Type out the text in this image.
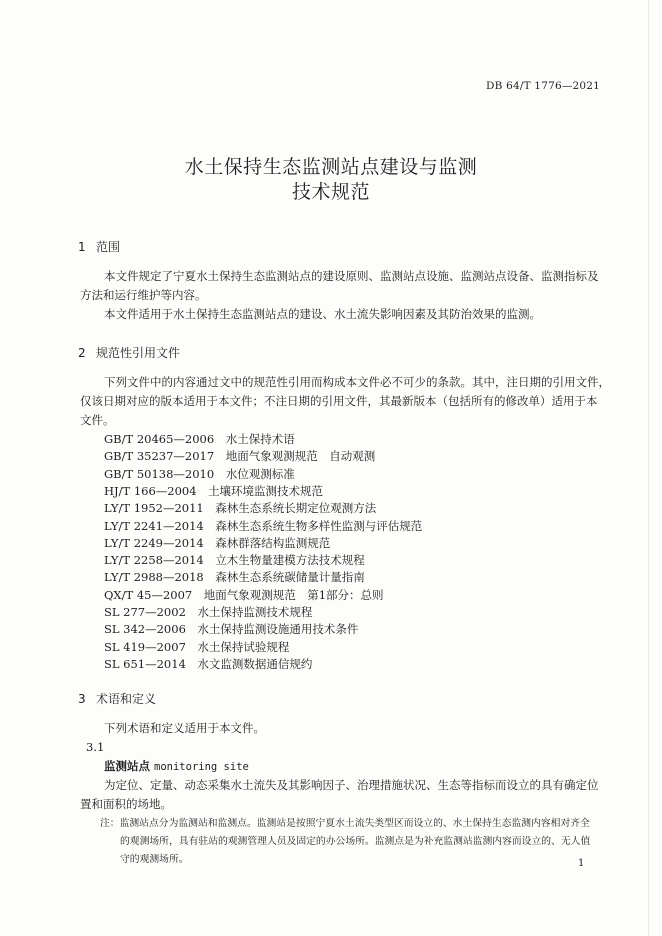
DB 64/T 1776—2021
水土保持生态监测站点建设与监测
技术规范
1 范围
本文件规定了宁夏水土保持生态监测站点的建设原则、监测站点设施、监测站点设备、监测指标及
方法和运行维护等内容。
本文件适用于水土保持生态监测站点的建设、水土流失影响因素及其防治效果的监测。
2 规范性引用文件
下列文件中的内容通过文中的规范性引用而构成本文件必不可少的条款。其中，注日期的引用文件，
仅该日期对应的版本适用于本文件；不注日期的引用文件，其最新版本（包括所有的修改单）适用于本
文件。
GB/T 20465—2006  水土保持术语
GB/T 35237—2017  地面气象观测规范　自动观测
GB/T 50138—2010  水位观测标准
HJ/T 166—2004  土壤环境监测技术规范
LY/T 1952—2011  森林生态系统长期定位观测方法
LY/T 2241—2014  森林生态系统生物多样性监测与评估规范
LY/T 2249—2014  森林群落结构监测规范
LY/T 2258—2014  立木生物量建模方法技术规程
LY/T 2988—2018  森林生态系统碳储量计量指南
QX/T 45—2007  地面气象观测规范　第1部分：总则
SL 277—2002  水土保持监测技术规程
SL 342—2006  水土保持监测设施通用技术条件
SL 419—2007  水土保持试验规程
SL 651—2014  水文监测数据通信规约
3 术语和定义
下列术语和定义适用于本文件。
3.1
监测站点 monitoring site
为定位、定量、动态采集水土流失及其影响因子、治理措施状况、生态等指标而设立的具有确定位
置和面积的场地。
注：监测站点分为监测站和监测点。监测站是按照宁夏水土流失类型区而设立的、水土保持生态监测内容相对齐全
的观测场所，具有驻站的观测管理人员及固定的办公场所。监测点是为补充监测站监测内容而设立的、无人值
守的观测场所。	1
